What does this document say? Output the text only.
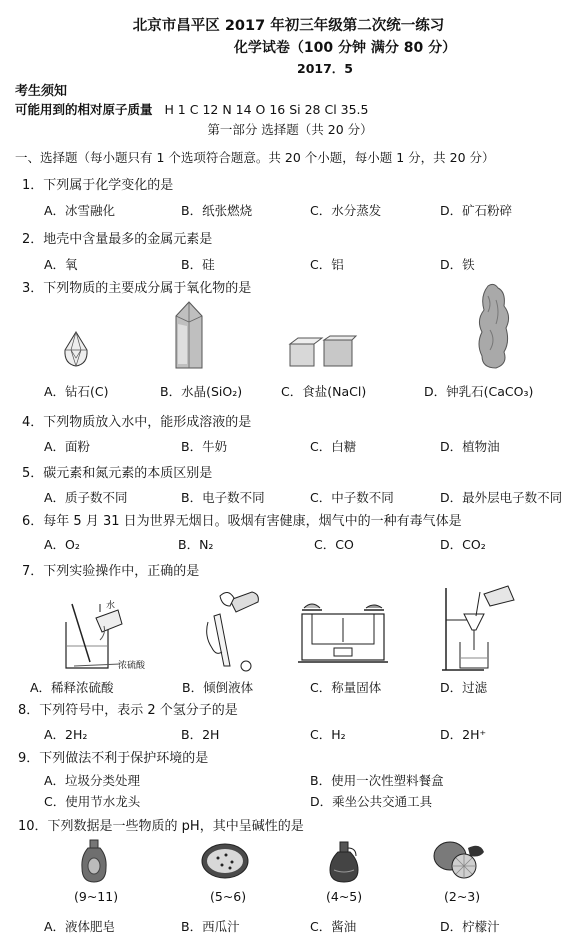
北京市昌平区 2017 年初三年级第二次统一练习
化学试卷（100 分钟 满分 80 分）
2017．5
考生须知
可能用到的相对原子质量 H 1 C 12 N 14 O 16 Si 28 Cl 35.5
第一部分 选择题（共 20 分）
一、选择题（每小题只有 1 个选项符合题意。共 20 个小题，每小题 1 分，共 20 分）
1．下列属于化学变化的是
A．冰雪融化	B．纸张燃烧	C．水分蒸发	D．矿石粉碎
2．地壳中含量最多的金属元素是
A．氧	B．硅	C．铝	D．铁
3．下列物质的主要成分属于氧化物的是
A．钻石(C)	B．水晶(SiO₂)	C．食盐(NaCl)	D．钟乳石(CaCO₃)
4．下列物质放入水中，能形成溶液的是
A．面粉	B．牛奶	C．白糖	D．植物油
5．碳元素和氮元素的本质区别是
A．质子数不同	B．电子数不同	C．中子数不同	D．最外层电子数不同
6．每年 5 月 31 日为世界无烟日。吸烟有害健康，烟气中的一种有毒气体是
A．O₂	B．N₂	C．CO	D．CO₂
7．下列实验操作中，正确的是
水
浓硫酸
A．稀释浓硫酸	B．倾倒液体	C．称量固体	D．过滤
8．下列符号中，表示 2 个氢分子的是
A．2H₂	B．2H	C．H₂	D．2H⁺
9．下列做法不利于保护环境的是
A．垃圾分类处理	B．使用一次性塑料餐盒
C．使用节水龙头	D．乘坐公共交通工具
10．下列数据是一些物质的 pH，其中呈碱性的是
(9~11)	(5~6)	(4~5)	(2~3)
A．液体肥皂	B．西瓜汁	C．酱油	D．柠檬汁
